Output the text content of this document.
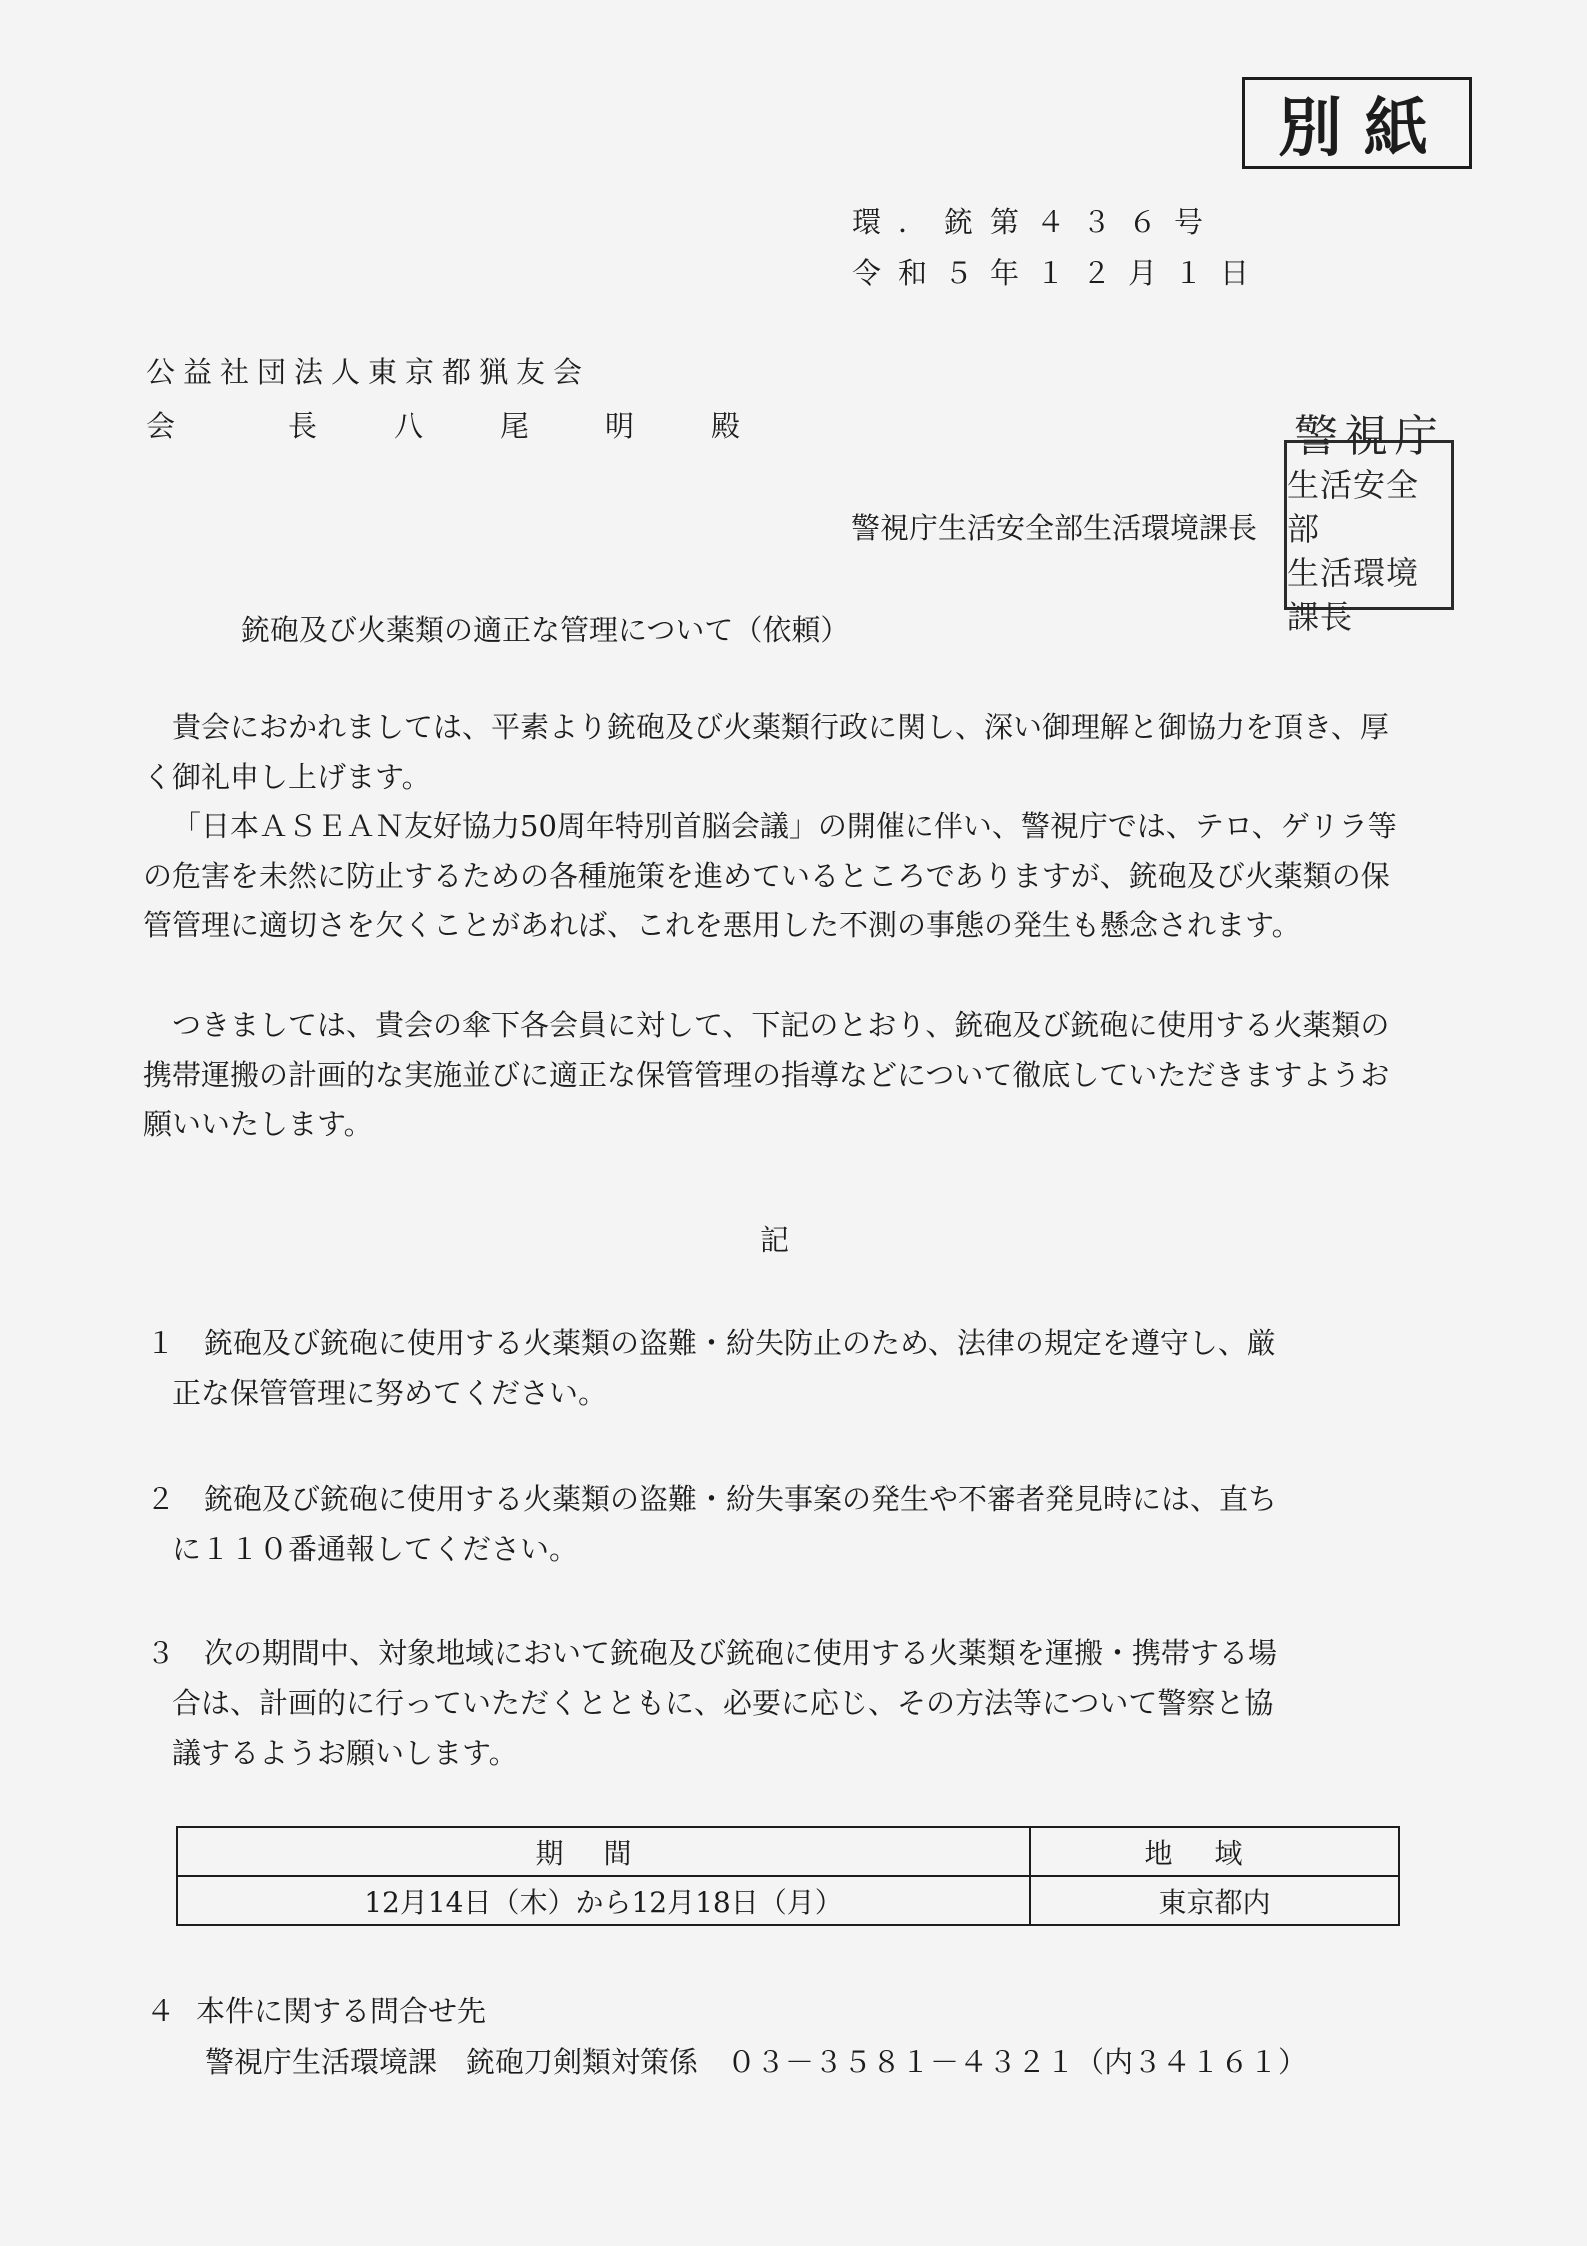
別紙
環．銃第４３６号
令和５年１２月１日
公益社団法人東京都猟友会
会	長	八	尾	明	殿
警視庁生活安全部生活環境課長
警視庁
生活安全部
生活環境課長
銃砲及び火薬類の適正な管理について（依頼）
貴会におかれましては、平素より銃砲及び火薬類行政に関し、深い御理解と御協力を頂き、厚く御礼申し上げます。
「日本ＡＳＥＡＮ友好協力50周年特別首脳会議」の開催に伴い、警視庁では、テロ、ゲリラ等の危害を未然に防止するための各種施策を進めているところでありますが、銃砲及び火薬類の保管管理に適切さを欠くことがあれば、これを悪用した不測の事態の発生も懸念されます。
つきましては、貴会の傘下各会員に対して、下記のとおり、銃砲及び銃砲に使用する火薬類の携帯運搬の計画的な実施並びに適正な保管管理の指導などについて徹底していただきますようお願いいたします。
記
１ 銃砲及び銃砲に使用する火薬類の盗難・紛失防止のため、法律の規定を遵守し、厳
正な保管管理に努めてください。
２ 銃砲及び銃砲に使用する火薬類の盗難・紛失事案の発生や不審者発見時には、直ち
に１１０番通報してください。
３ 次の期間中、対象地域において銃砲及び銃砲に使用する火薬類を運搬・携帯する場
合は、計画的に行っていただくとともに、必要に応じ、その方法等について警察と協
議するようお願いします。
期間	地域
12月14日（木）から12月18日（月）	東京都内
４ 本件に関する問合せ先
警視庁生活環境課　銃砲刀剣類対策係　０３－３５８１－４３２１（内３４１６１）
